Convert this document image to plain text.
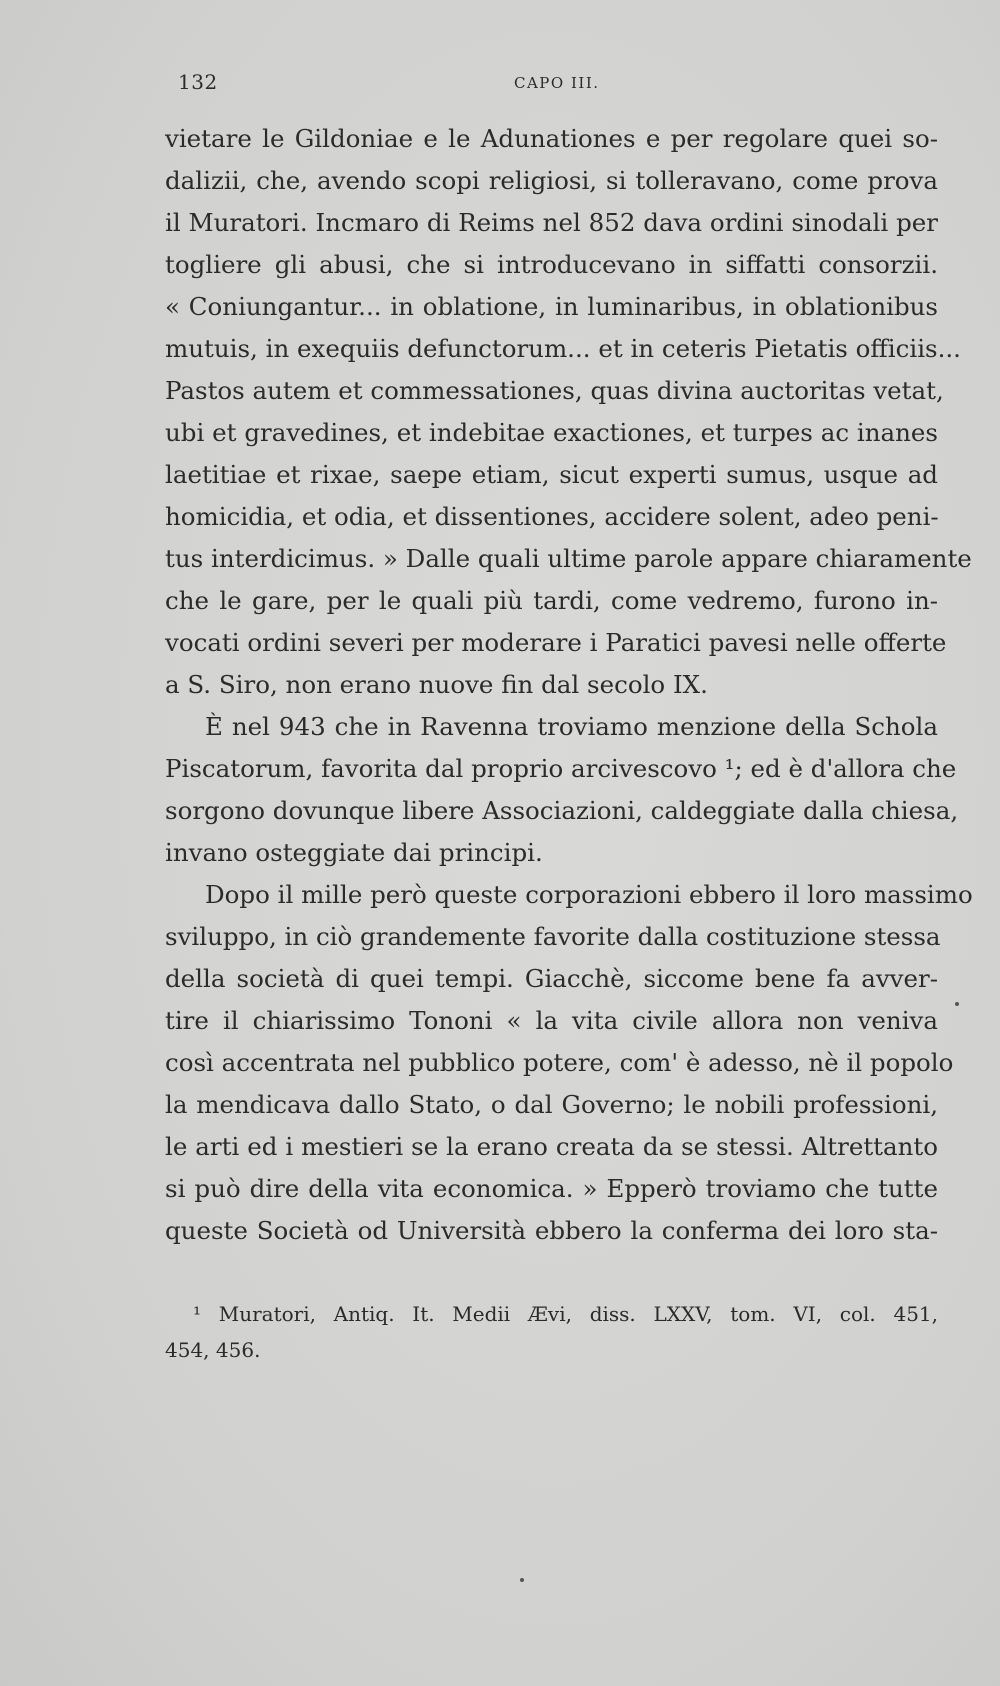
132	CAPO III.
vietare le Gildoniae e le Adunationes e per regolare quei so-
dalizii, che, avendo scopi religiosi, si tolleravano, come prova
il Muratori. Incmaro di Reims nel 852 dava ordini sinodali per
togliere gli abusi, che si introducevano in siffatti consorzii.
« Coniungantur... in oblatione, in luminaribus, in oblationibus
mutuis, in exequiis defunctorum... et in ceteris Pietatis officiis...
Pastos autem et commessationes, quas divina auctoritas vetat,
ubi et gravedines, et indebitae exactiones, et turpes ac inanes
laetitiae et rixae, saepe etiam, sicut experti sumus, usque ad
homicidia, et odia, et dissentiones, accidere solent, adeo peni-
tus interdicimus. » Dalle quali ultime parole appare chiaramente
che le gare, per le quali più tardi, come vedremo, furono in-
vocati ordini severi per moderare i Paratici pavesi nelle offerte
a S. Siro, non erano nuove fin dal secolo IX.
È nel 943 che in Ravenna troviamo menzione della Schola
Piscatorum, favorita dal proprio arcivescovo ¹; ed è d'allora che
sorgono dovunque libere Associazioni, caldeggiate dalla chiesa,
invano osteggiate dai principi.
Dopo il mille però queste corporazioni ebbero il loro massimo
sviluppo, in ciò grandemente favorite dalla costituzione stessa
della società di quei tempi. Giacchè, siccome bene fa avver-
tire il chiarissimo Tononi « la vita civile allora non veniva
così accentrata nel pubblico potere, com' è adesso, nè il popolo
la mendicava dallo Stato, o dal Governo; le nobili professioni,
le arti ed i mestieri se la erano creata da se stessi. Altrettanto
si può dire della vita economica. » Epperò troviamo che tutte
queste Società od Università ebbero la conferma dei loro sta-
¹ Muratori, Antiq. It. Medii Ævi, diss. LXXV, tom. VI, col. 451,
454, 456.
